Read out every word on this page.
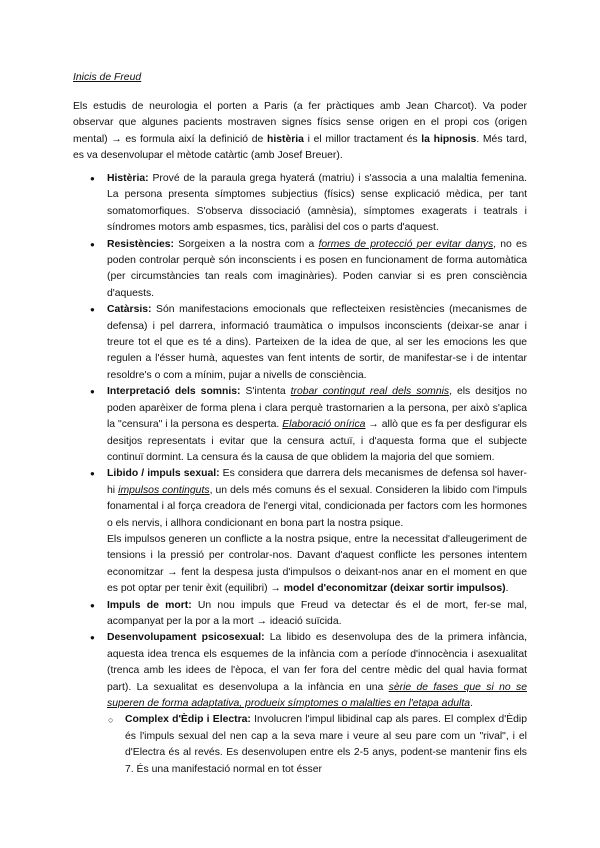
Inicis de Freud
Els estudis de neurologia el porten a Paris (a fer pràctiques amb Jean Charcot). Va poder observar que algunes pacients mostraven signes físics sense origen en el propi cos (origen mental) → es formula així la definició de histèria i el millor tractament és la hipnosis. Més tard, es va desenvolupar el mètode catàrtic (amb Josef Breuer).
● Histèria: Prové de la paraula grega hyaterá (matriu) i s'associa a una malaltia femenina. La persona presenta símptomes subjectius (físics) sense explicació mèdica, per tant somatomorfiques. S'observa dissociació (amnèsia), símptomes exagerats i teatrals i síndromes motors amb espasmes, tics, paràlisi del cos o parts d'aquest.
● Resistències: Sorgeixen a la nostra com a formes de protecció per evitar danys, no es poden controlar perquè són inconscients i es posen en funcionament de forma automàtica (per circumstàncies tan reals com imaginàries). Poden canviar si es pren consciència d'aquests.
● Catàrsis: Són manifestacions emocionals que reflecteixen resistències (mecanismes de defensa) i pel darrera, informació traumàtica o impulsos inconscients (deixar-se anar i treure tot el que es té a dins). Parteixen de la idea de que, al ser les emocions les que regulen a l'ésser humà, aquestes van fent intents de sortir, de manifestar-se i de intentar resoldre's o com a mínim, pujar a nivells de consciència.
● Interpretació dels somnis: S'intenta trobar contingut real dels somnis, els desitjos no poden aparèixer de forma plena i clara perquè trastornarien a la persona, per això s'aplica la "censura" i la persona es desperta. Elaboració onírica → allò que es fa per desfigurar els desitjos representats i evitar que la censura actuï, i d'aquesta forma que el subjecte continuï dormint. La censura és la causa de que oblidem la majoria del que somiem.
● Libido / impuls sexual: Es considera que darrera dels mecanismes de defensa sol haver-hi impulsos continguts, un dels més comuns és el sexual. Consideren la libido com l'impuls fonamental i al força creadora de l'energi vital, condicionada per factors com les hormones o els nervis, i allhora condicionant en bona part la nostra psique.

Els impulsos generen un conflicte a la nostra psique, entre la necessitat d'alleugeriment de tensions i la pressió per controlar-nos. Davant d'aquest conflicte les persones intentem economitzar → fent la despesa justa d'impulsos o deixant-nos anar en el moment en que es pot optar per tenir èxit (equilibri) → model d'economitzar (deixar sortir impulsos).

● Impuls de mort: Un nou impuls que Freud va detectar és el de mort, fer-se mal, acompanyat per la por a la mort → ideació suïcida.
● Desenvolupament psicosexual: La libido es desenvolupa des de la primera infància, aquesta idea trenca els esquemes de la infància com a període d'innocència i asexualitat (trenca amb les idees de l'època, el van fer fora del centre mèdic del qual havia format part). La sexualitat es desenvolupa a la infància en una sèrie de fases que si no se superen de forma adaptativa, produeix símptomes o malalties en l'etapa adulta.
○ Complex d'Èdip i Electra: Involucren l'impul libidinal cap als pares. El complex d'Èdip és l'impuls sexual del nen cap a la seva mare i veure al seu pare com un "rival", i el d'Electra és al revés. Es desenvolupen entre els 2-5 anys, podent-se mantenir fins els 7. És una manifestació normal en tot ésser
